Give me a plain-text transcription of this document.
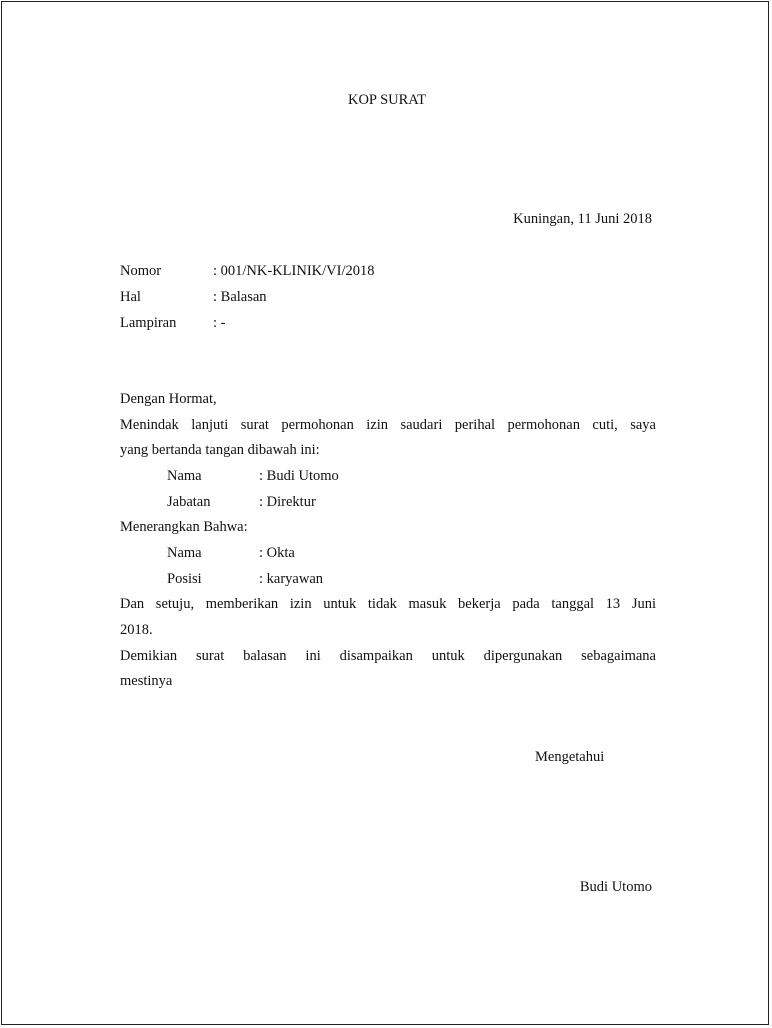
KOP SURAT
Kuningan, 11 Juni 2018
Nomor	: 001/NK-KLINIK/VI/2018
Hal	: Balasan
Lampiran	: -
Dengan Hormat,
Menindak lanjuti surat permohonan izin saudari perihal permohonan cuti, saya
yang bertanda tangan dibawah ini:
Nama	: Budi Utomo
Jabatan	: Direktur
Menerangkan Bahwa:
Nama	: Okta
Posisi	: karyawan
Dan setuju, memberikan izin untuk tidak masuk bekerja pada tanggal 13 Juni
2018.
Demikian surat balasan ini disampaikan untuk dipergunakan sebagaimana
mestinya
Mengetahui
Budi Utomo
